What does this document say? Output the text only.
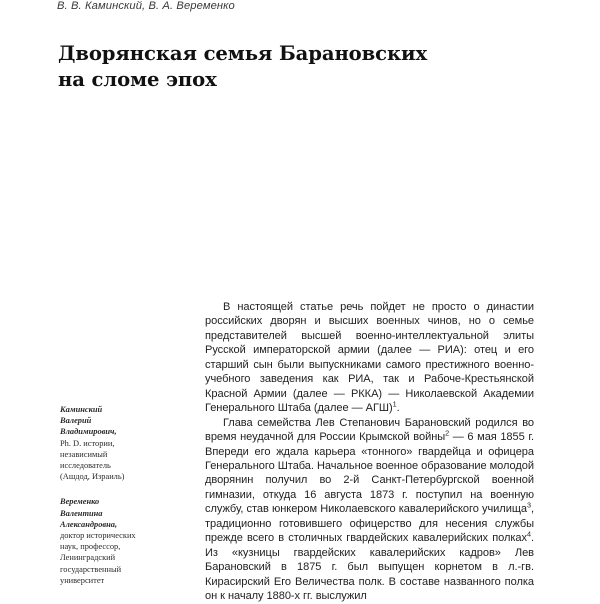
В. В. Каминский, В. А. Веременко
Дворянская семья Барановских
на сломе эпох
Каминский
Валерий
Владимирович,
Ph. D. истории,
независимый
исследователь
(Ашдод, Израиль)
Веременко
Валентина
Александровна,
доктор исторических
наук, профессор,
Ленинградский
государственный
университет

В настоящей статье речь пойдет не просто о династии российских дворян и высших военных чинов, но о семье представителей высшей военно-интеллектуальной элиты Русской императорской армии (далее — РИА): отец и его старший сын были выпускниками самого престижного военно-учебного заведения как РИА, так и Рабоче-Крестьянской Красной Армии (далее — РККА) — Николаевской Академии Генерального Штаба (далее — АГШ)$^1$.

Глава семейства Лев Степанович Барановский родился во время неудачной для России Крымской войны$^2$ — 6 мая 1855 г. Впереди его ждала карьера «тонного» гвардейца и офицера Генерального Штаба. Начальное военное образование молодой дворянин получил во 2-й Санкт-Петербургской военной гимназии, откуда 16 августа 1873 г. поступил на военную службу, став юнкером Николаевского кавалерийского училища$^3$, традиционно готовившего офицерство для несения службы прежде всего в столичных гвардейских кавалерийских полках$^4$. Из «кузницы гвардейских кавалерийских кадров» Лев Барановский в 1875 г. был выпущен корнетом в л.-гв. Кирасирский Его Величества полк. В составе названного полка он к началу 1880-х гг. выслужил
